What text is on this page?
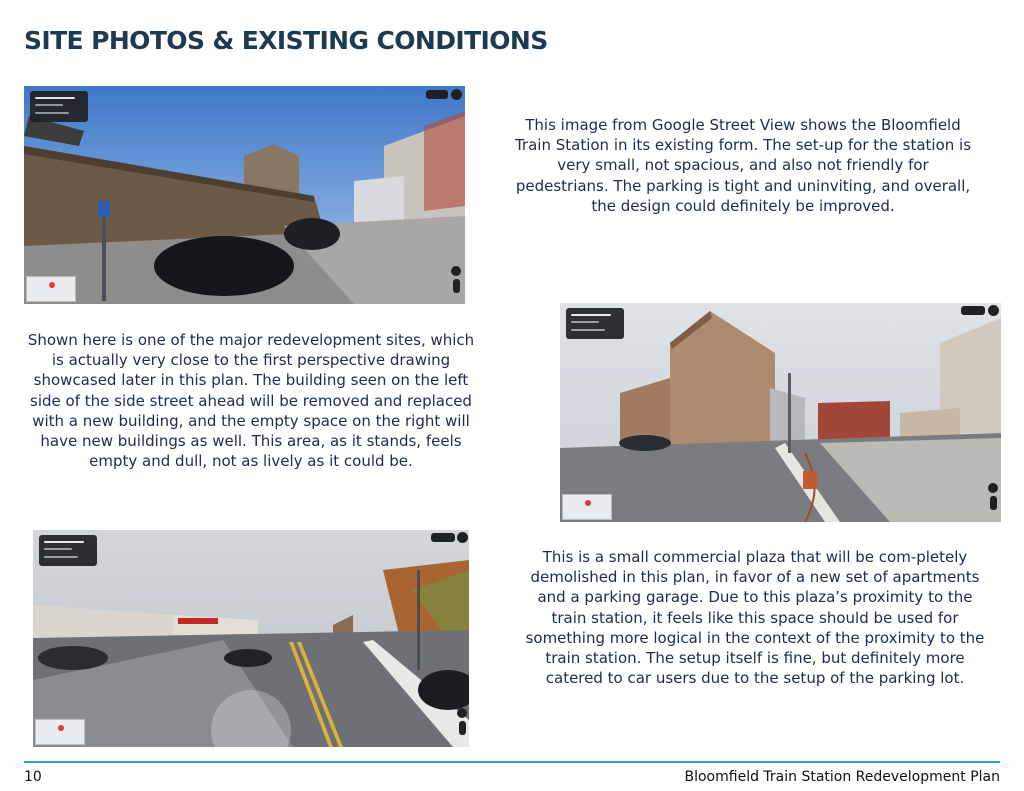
SITE PHOTOS & EXISTING CONDITIONS

This image from Google Street View shows the Bloomfield Train Station in its existing form. The set-up for the station is very small, not spacious, and also not friendly for pedestrians. The parking is tight and uninviting, and overall, the design could definitely be improved.

Shown here is one of the major redevelopment sites, which is actually very close to the first perspective drawing showcased later in this plan. The building seen on the left side of the side street ahead will be removed and replaced with a new building, and the empty space on the right will have new buildings as well. This area, as it stands, feels empty and dull, not as lively as it could be.

This is a small commercial plaza that will be com-pletely demolished in this plan, in favor of a new set of apartments and a parking garage. Due to this plaza’s proximity to the train station, it feels like this space should be used for something more logical in the context of the proximity to the train station. The setup itself is fine, but definitely more catered to car users due to the setup of the parking lot.

10	Bloomfield Train Station Redevelopment Plan
